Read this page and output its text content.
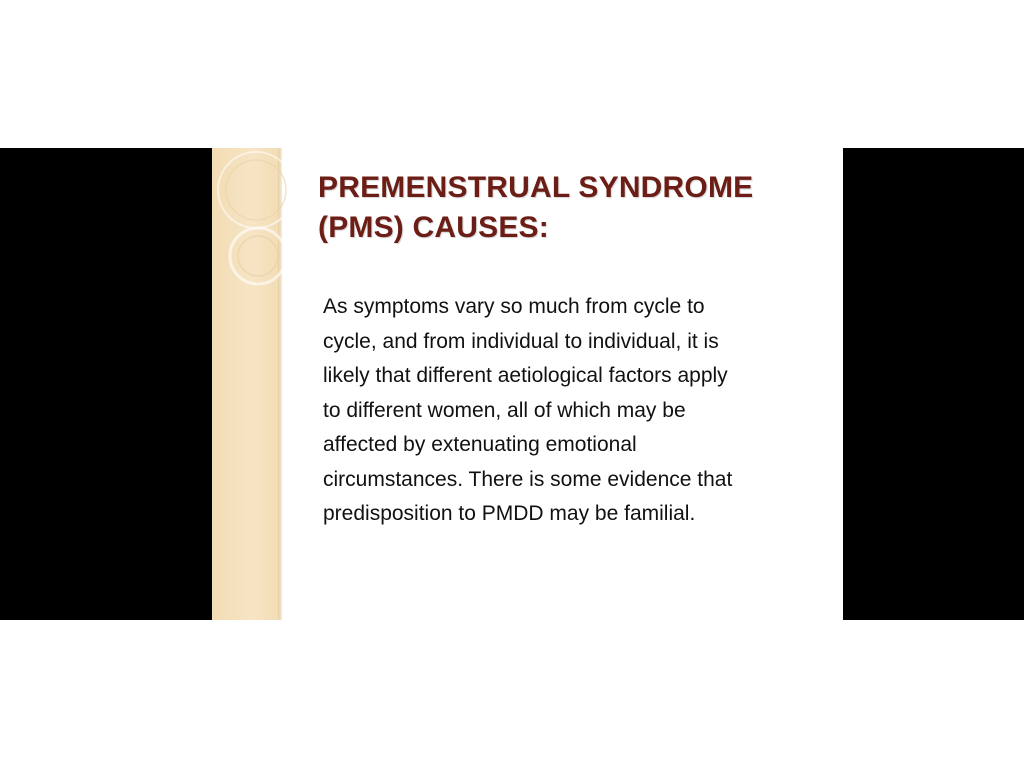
PREMENSTRUAL SYNDROME
(PMS) CAUSES:

As symptoms vary so much from cycle to
cycle, and from individual to individual, it is
likely that different aetiological factors apply
to different women, all of which may be
affected by extenuating emotional
circumstances. There is some evidence that
predisposition to PMDD may be familial.
